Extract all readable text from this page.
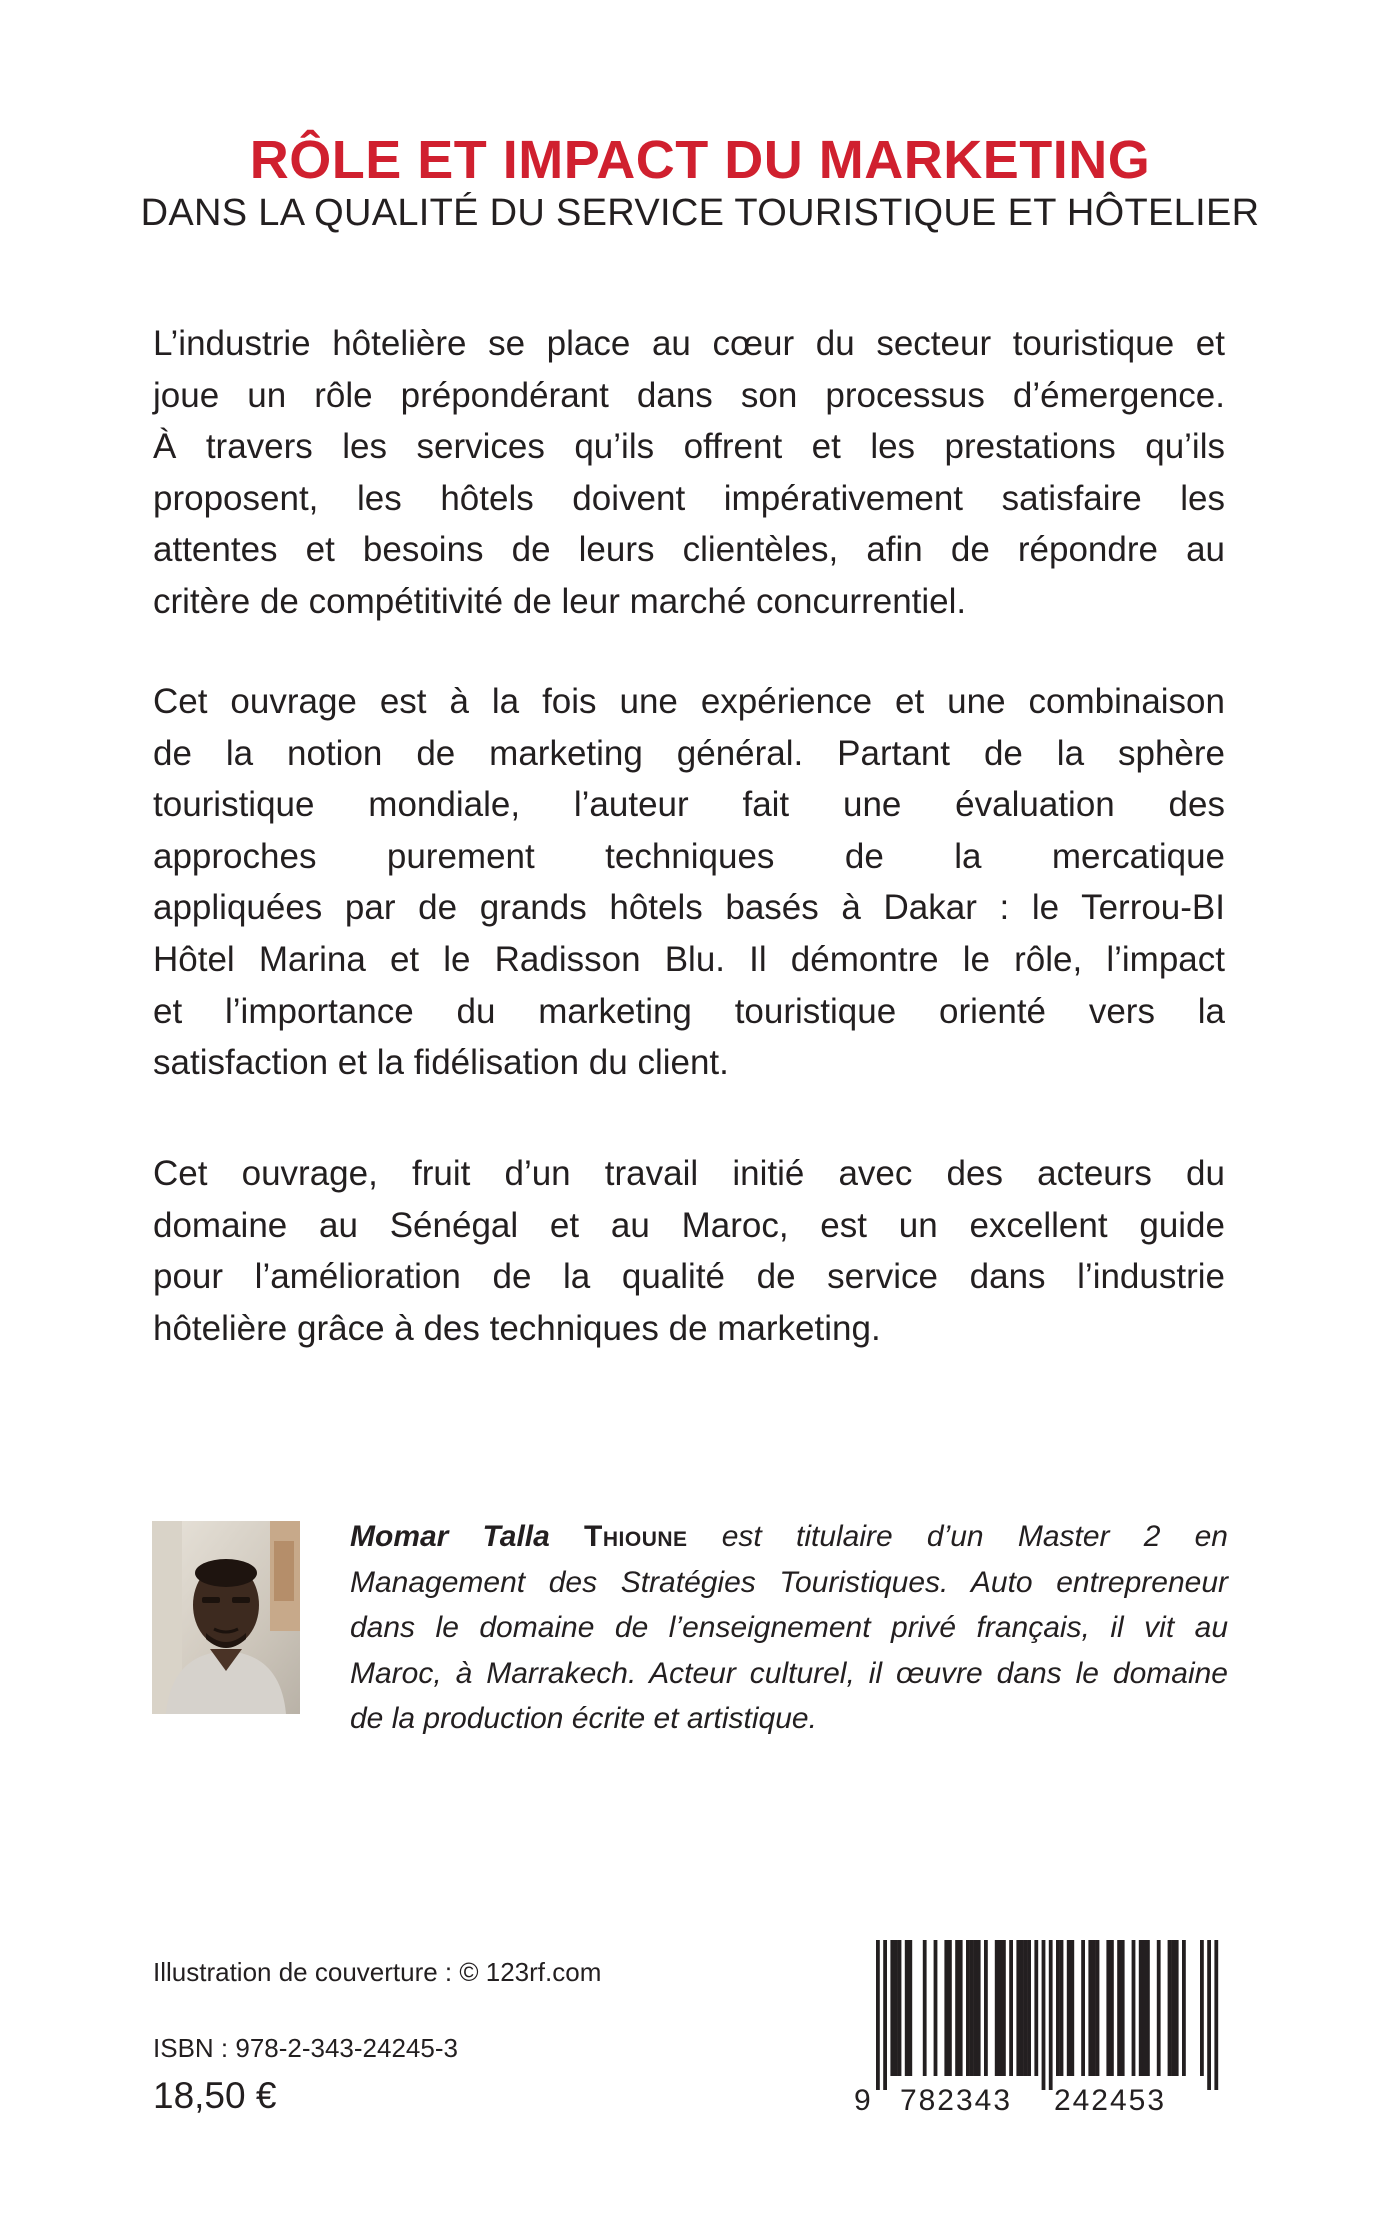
RÔLE ET IMPACT DU MARKETING
DANS LA QUALITÉ DU SERVICE TOURISTIQUE ET HÔTELIER
L’industrie hôtelière se place au cœur du secteur touristique et
joue un rôle prépondérant dans son processus d’émergence.
À travers les services qu’ils offrent et les prestations qu’ils
proposent, les hôtels doivent impérativement satisfaire les
attentes et besoins de leurs clientèles, afin de répondre au
critère de compétitivité de leur marché concurrentiel.
Cet ouvrage est à la fois une expérience et une combinaison
de la notion de marketing général. Partant de la sphère
touristique mondiale, l’auteur fait une évaluation des
approches purement techniques de la mercatique
appliquées par de grands hôtels basés à Dakar : le Terrou-BI
Hôtel Marina et le Radisson Blu. Il démontre le rôle, l’impact
et l’importance du marketing touristique orienté vers la
satisfaction et la fidélisation du client.
Cet ouvrage, fruit d’un travail initié avec des acteurs du
domaine au Sénégal et au Maroc, est un excellent guide
pour l’amélioration de la qualité de service dans l’industrie
hôtelière grâce à des techniques de marketing.
Momar Talla Thioune est titulaire d’un Master 2 en
Management des Stratégies Touristiques. Auto entrepreneur
dans le domaine de l’enseignement privé français, il vit au
Maroc, à Marrakech. Acteur culturel, il œuvre dans le domaine
de la production écrite et artistique.
Illustration de couverture : © 123rf.com
ISBN : 978-2-343-24245-3
18,50 €	9 782343 242453
